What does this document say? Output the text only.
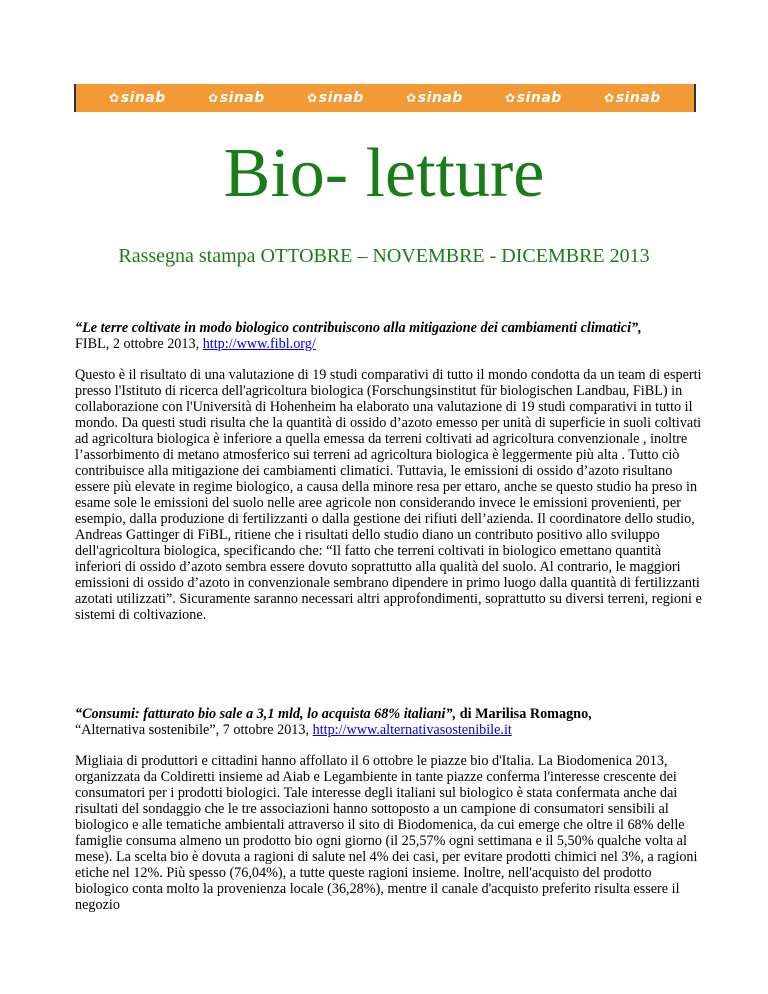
✿ sinab	✿ sinab	✿ sinab	✿ sinab	✿ sinab	✿ sinab
Bio- letture
Rassegna stampa OTTOBRE – NOVEMBRE - DICEMBRE 2013

“Le terre coltivate in modo biologico contribuiscono alla mitigazione dei cambiamenti climatici”,
FIBL, 2 ottobre 2013, http://www.fibl.org/

Questo è il risultato di una valutazione di 19 studi comparativi di tutto il mondo condotta da un team di esperti presso l'Istituto di ricerca dell'agricoltura biologica (Forschungsinstitut für biologischen Landbau, FiBL) in collaborazione con l'Università di Hohenheim ha elaborato una valutazione di 19 studi comparativi in tutto il mondo. Da questi studi risulta che la quantità di ossido d’azoto emesso per unità di superficie in suoli coltivati ad agricoltura biologica è inferiore a quella emessa da terreni coltivati ad agricoltura convenzionale , inoltre l’assorbimento di metano atmosferico sui terreni ad agricoltura biologica è leggermente più alta . Tutto ciò contribuisce alla mitigazione dei cambiamenti climatici. Tuttavia, le emissioni di ossido d’azoto risultano essere più elevate in regime biologico, a causa della minore resa per ettaro, anche se questo studio ha preso in esame sole le emissioni del suolo nelle aree agricole non considerando invece le emissioni provenienti, per esempio, dalla produzione di fertilizzanti o dalla gestione dei rifiuti dell’azienda. Il coordinatore dello studio, Andreas Gattinger di FiBL, ritiene che i risultati dello studio diano un contributo positivo allo sviluppo dell'agricoltura biologica, specificando che: “Il fatto che terreni coltivati in biologico emettano quantità inferiori di ossido d’azoto sembra essere dovuto soprattutto alla qualità del suolo. Al contrario, le maggiori emissioni di ossido d’azoto in convenzionale sembrano dipendere in primo luogo dalla quantità di fertilizzanti azotati utilizzati”. Sicuramente saranno necessari altri approfondimenti, soprattutto su diversi terreni, regioni e sistemi di coltivazione.

“Consumi: fatturato bio sale a 3,1 mld, lo acquista 68% italiani”, di Marilisa Romagno,
“Alternativa sostenibile”, 7 ottobre 2013, http://www.alternativasostenibile.it

Migliaia di produttori e cittadini hanno affollato il 6 ottobre le piazze bio d'Italia. La Biodomenica 2013, organizzata da Coldiretti insieme ad Aiab e Legambiente in tante piazze conferma l'interesse crescente dei consumatori per i prodotti biologici. Tale interesse degli italiani sul biologico è stata confermata anche dai risultati del sondaggio che le tre associazioni hanno sottoposto a un campione di consumatori sensibili al biologico e alle tematiche ambientali attraverso il sito di Biodomenica, da cui emerge che oltre il 68% delle famiglie consuma almeno un prodotto bio ogni giorno (il 25,57% ogni settimana e il 5,50% qualche volta al mese). La scelta bio è dovuta a ragioni di salute nel 4% dei casi, per evitare prodotti chimici nel 3%, a ragioni etiche nel 12%. Più spesso (76,04%), a tutte queste ragioni insieme. Inoltre, nell'acquisto del prodotto biologico conta molto la provenienza locale (36,28%), mentre il canale d'acquisto preferito risulta essere il negozio
